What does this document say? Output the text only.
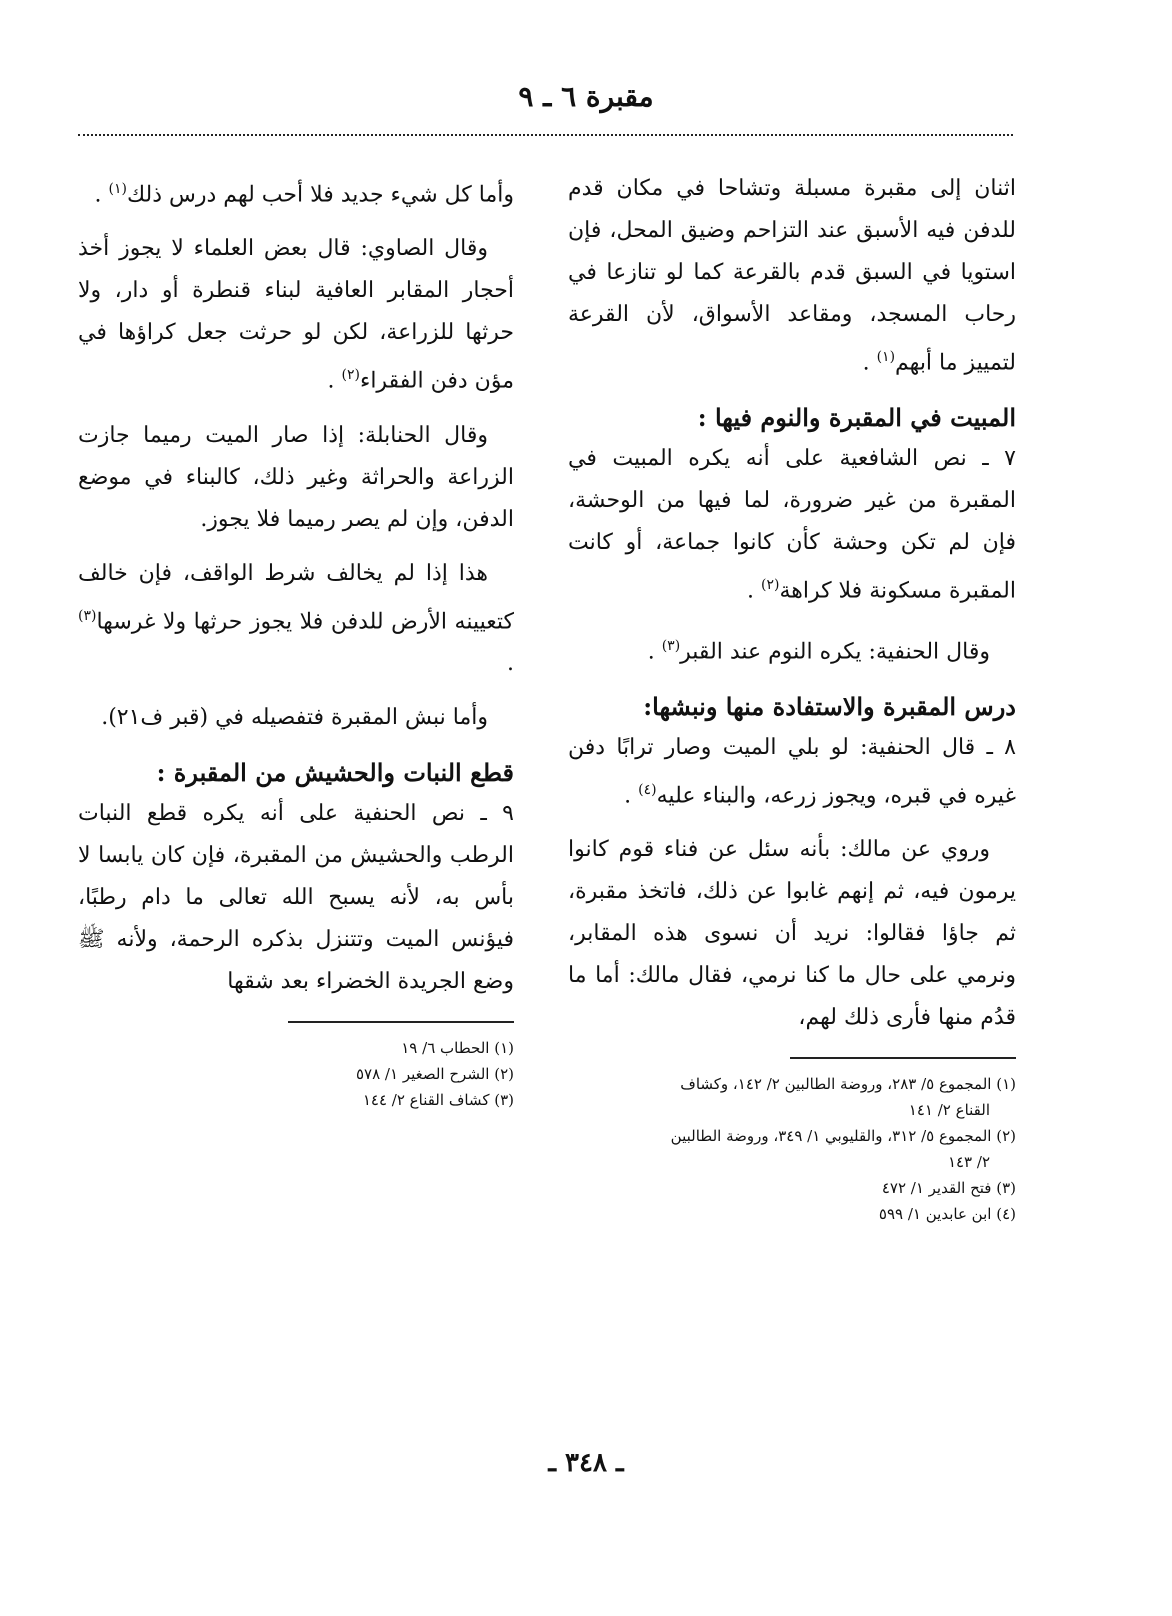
مقبرة ٦ ـ ٩

اثنان إلى مقبرة مسبلة وتشاحا في مكان قدم للدفن فيه الأسبق عند التزاحم وضيق المحل، فإن استويا في السبق قدم بالقرعة كما لو تنازعا في رحاب المسجد، ومقاعد الأسواق، لأن القرعة لتمييز ما أبهم$^{(١)}$ .

المبيت في المقبرة والنوم فيها :

٧ ـ نص الشافعية على أنه يكره المبيت في المقبرة من غير ضرورة، لما فيها من الوحشة، فإن لم تكن وحشة كأن كانوا جماعة، أو كانت المقبرة مسكونة فلا كراهة$^{(٢)}$ .

وقال الحنفية: يكره النوم عند القبر$^{(٣)}$ .

درس المقبرة والاستفادة منها ونبشها:

٨ ـ قال الحنفية: لو بلي الميت وصار ترابًا دفن غيره في قبره، ويجوز زرعه، والبناء عليه$^{(٤)}$ .

وروي عن مالك: بأنه سئل عن فناء قوم كانوا يرمون فيه، ثم إنهم غابوا عن ذلك، فاتخذ مقبرة، ثم جاؤا فقالوا: نريد أن نسوى هذه المقابر، ونرمي على حال ما كنا نرمي، فقال مالك: أما ما قدُم منها فأرى ذلك لهم،

(١) المجموع ٥/ ٢٨٣، وروضة الطالبين ٢/ ١٤٢، وكشاف

القناع ٢/ ١٤١

(٢) المجموع ٥/ ٣١٢، والقليوبي ١/ ٣٤٩، وروضة الطالبين

٢/ ١٤٣

(٣) فتح القدير ١/ ٤٧٢

(٤) ابن عابدين ١/ ٥٩٩

وأما كل شيء جديد فلا أحب لهم درس ذلك$^{(١)}$ .

وقال الصاوي: قال بعض العلماء لا يجوز أخذ أحجار المقابر العافية لبناء قنطرة أو دار، ولا حرثها للزراعة، لكن لو حرثت جعل كراؤها في مؤن دفن الفقراء$^{(٢)}$ .

وقال الحنابلة: إذا صار الميت رميما جازت الزراعة والحراثة وغير ذلك، كالبناء في موضع الدفن، وإن لم يصر رميما فلا يجوز.

هذا إذا لم يخالف شرط الواقف، فإن خالف كتعيينه الأرض للدفن فلا يجوز حرثها ولا غرسها$^{(٣)}$ .

وأما نبش المقبرة فتفصيله في (قبر ف٢١).

قطع النبات والحشيش من المقبرة :

٩ ـ نص الحنفية على أنه يكره قطع النبات الرطب والحشيش من المقبرة، فإن كان يابسا لا بأس به، لأنه يسبح الله تعالى ما دام رطبًا، فيؤنس الميت وتتنزل بذكره الرحمة، ولأنه ﷺ وضع الجريدة الخضراء بعد شقها

(١) الحطاب ٦/ ١٩

(٢) الشرح الصغير ١/ ٥٧٨

(٣) كشاف القناع ٢/ ١٤٤

ـ ٣٤٨ ـ
